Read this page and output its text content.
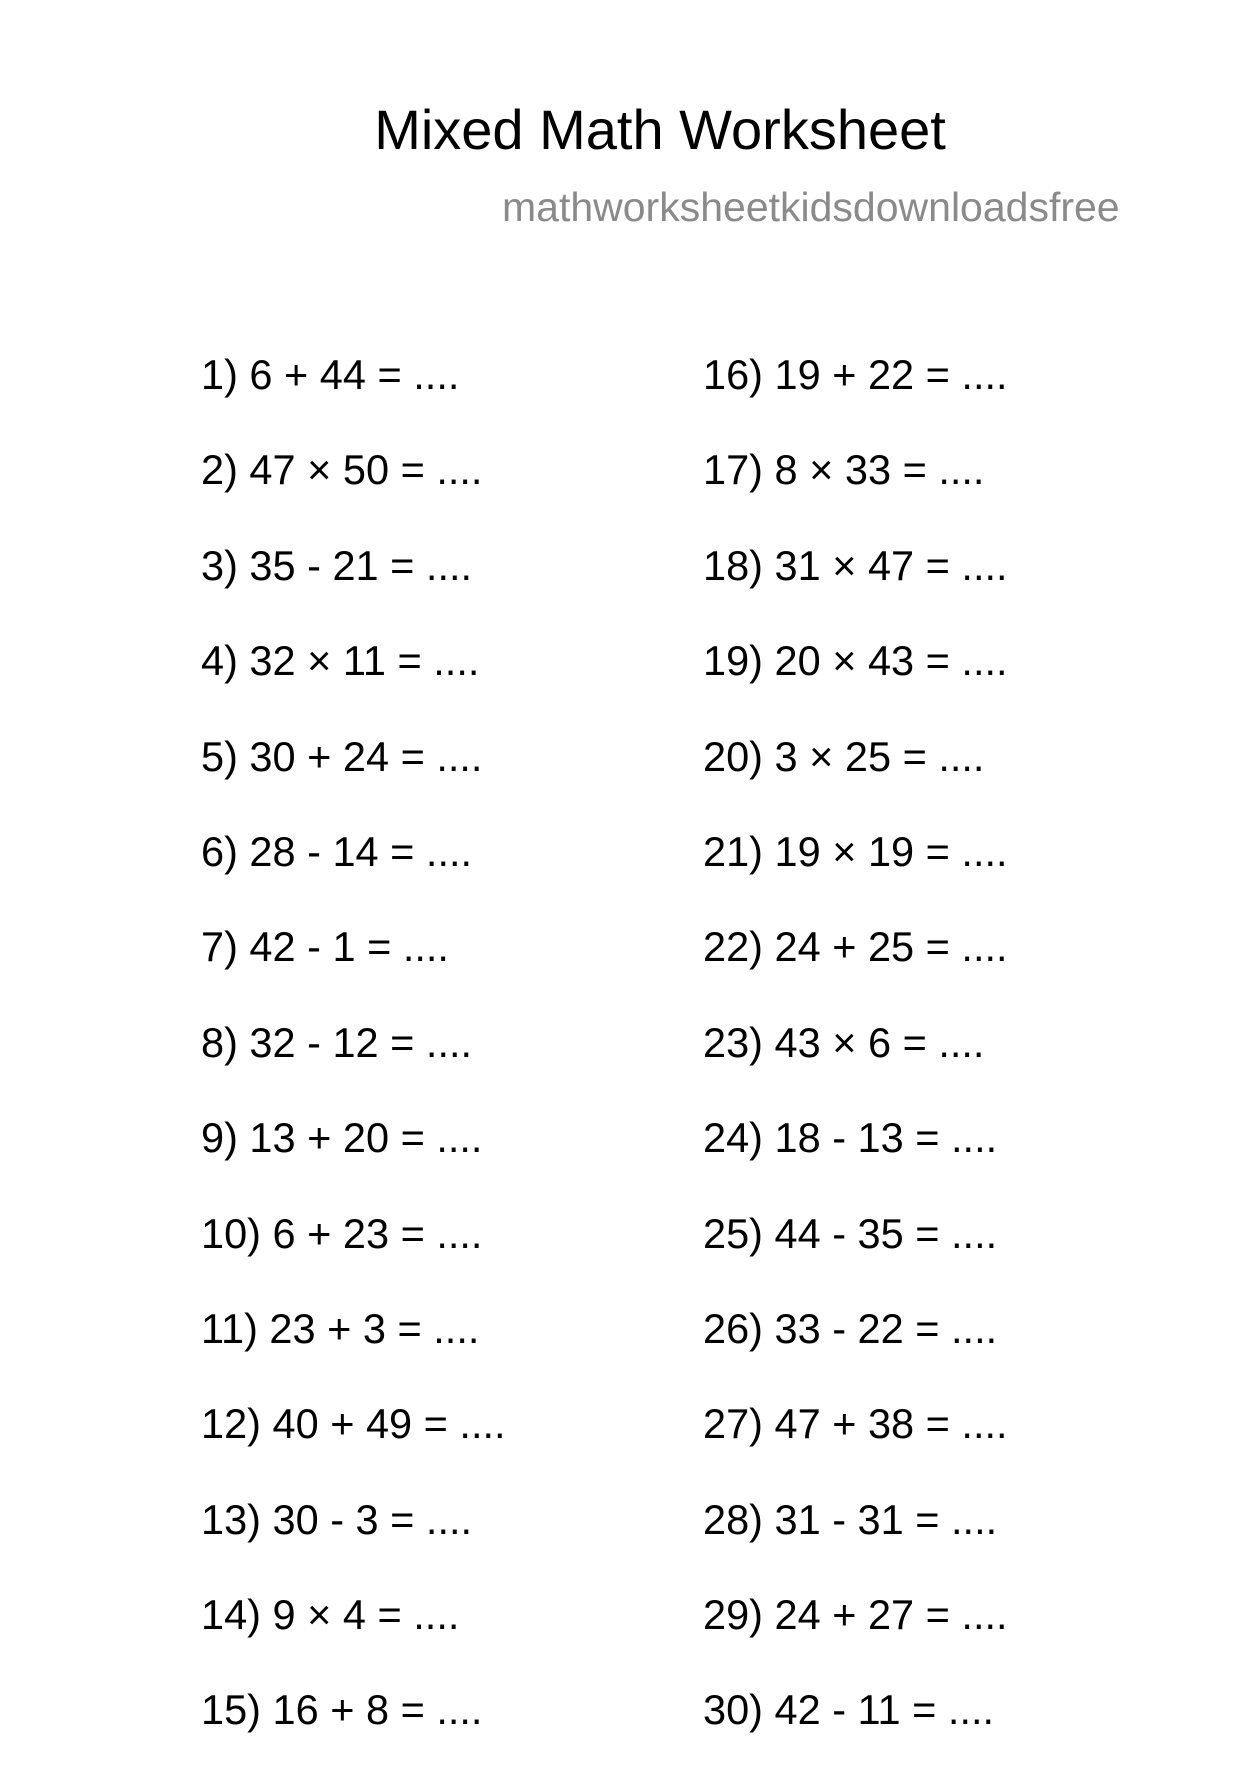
Mixed Math Worksheet
mathworksheetkidsdownloadsfree
1) 6 + 44 = ....
2) 47 × 50 = ....
3) 35 - 21 = ....
4) 32 × 11 = ....
5) 30 + 24 = ....
6) 28 - 14 = ....
7) 42 - 1 = ....
8) 32 - 12 = ....
9) 13 + 20 = ....
10) 6 + 23 = ....
11) 23 + 3 = ....
12) 40 + 49 = ....
13) 30 - 3 = ....
14) 9 × 4 = ....
15) 16 + 8 = ....
16) 19 + 22 = ....
17) 8 × 33 = ....
18) 31 × 47 = ....
19) 20 × 43 = ....
20) 3 × 25 = ....
21) 19 × 19 = ....
22) 24 + 25 = ....
23) 43 × 6 = ....
24) 18 - 13 = ....
25) 44 - 35 = ....
26) 33 - 22 = ....
27) 47 + 38 = ....
28) 31 - 31 = ....
29) 24 + 27 = ....
30) 42 - 11 = ....
